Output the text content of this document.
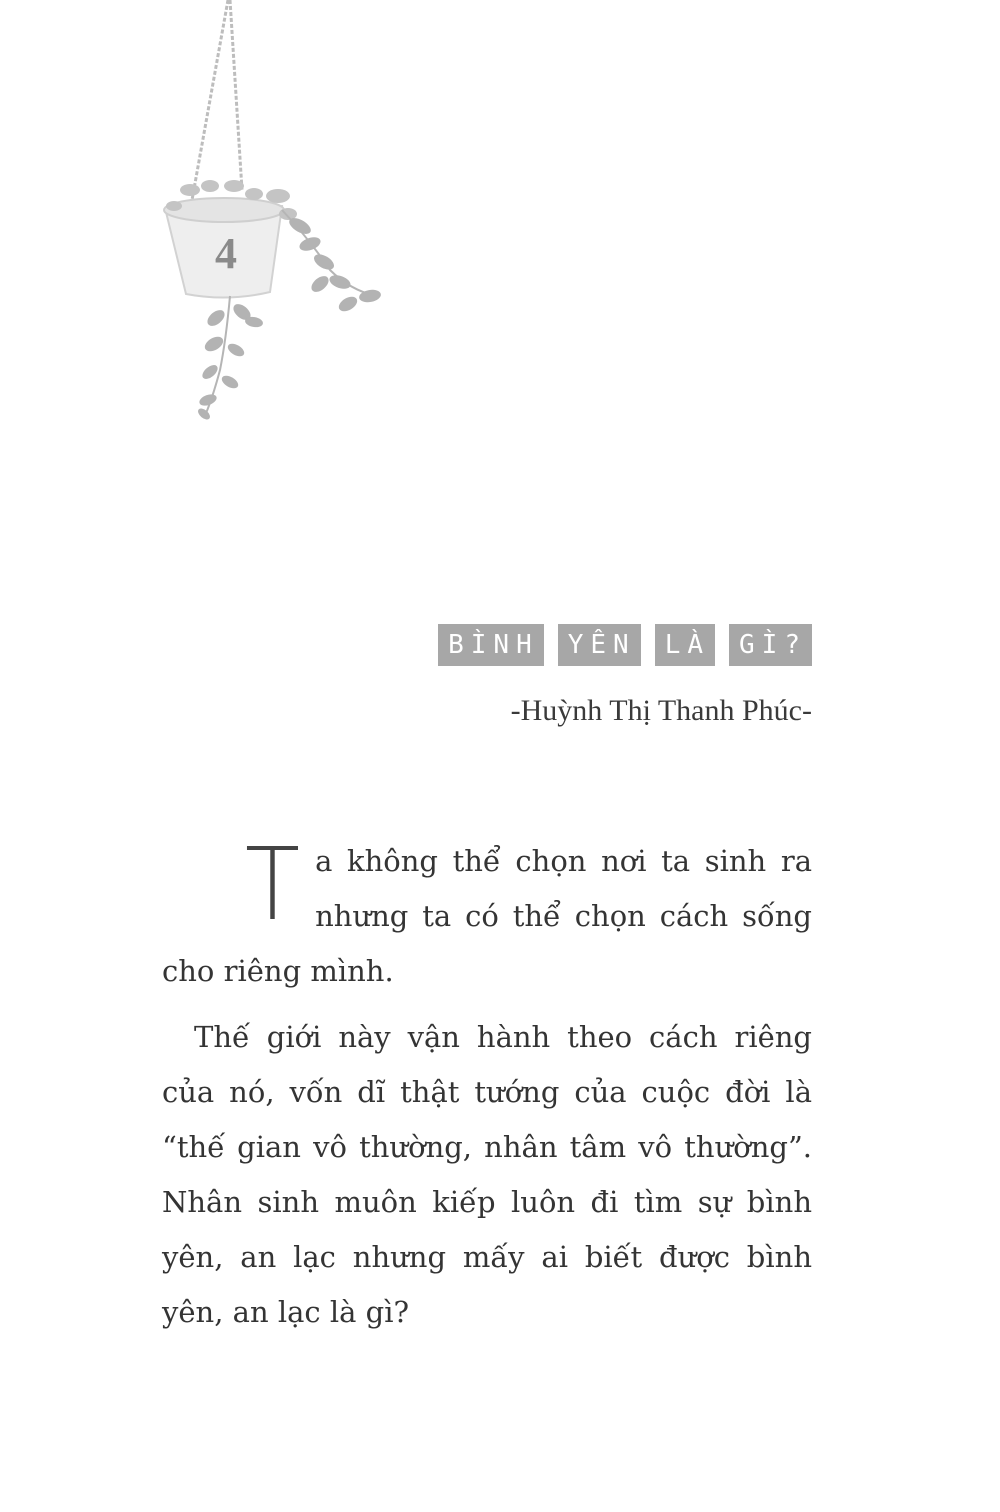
4
BÌNH	YÊN	LÀ	GÌ?
-Huỳnh Thị Thanh Phúc-
T a không thể chọn nơi ta sinh ra nhưng ta có thể chọn cách sống cho riêng mình.
Thế giới này vận hành theo cách riêng của nó, vốn dĩ thật tướng của cuộc đời là “thế gian vô thường, nhân tâm vô thường”. Nhân sinh muôn kiếp luôn đi tìm sự bình yên, an lạc nhưng mấy ai biết được bình yên, an lạc là gì?
